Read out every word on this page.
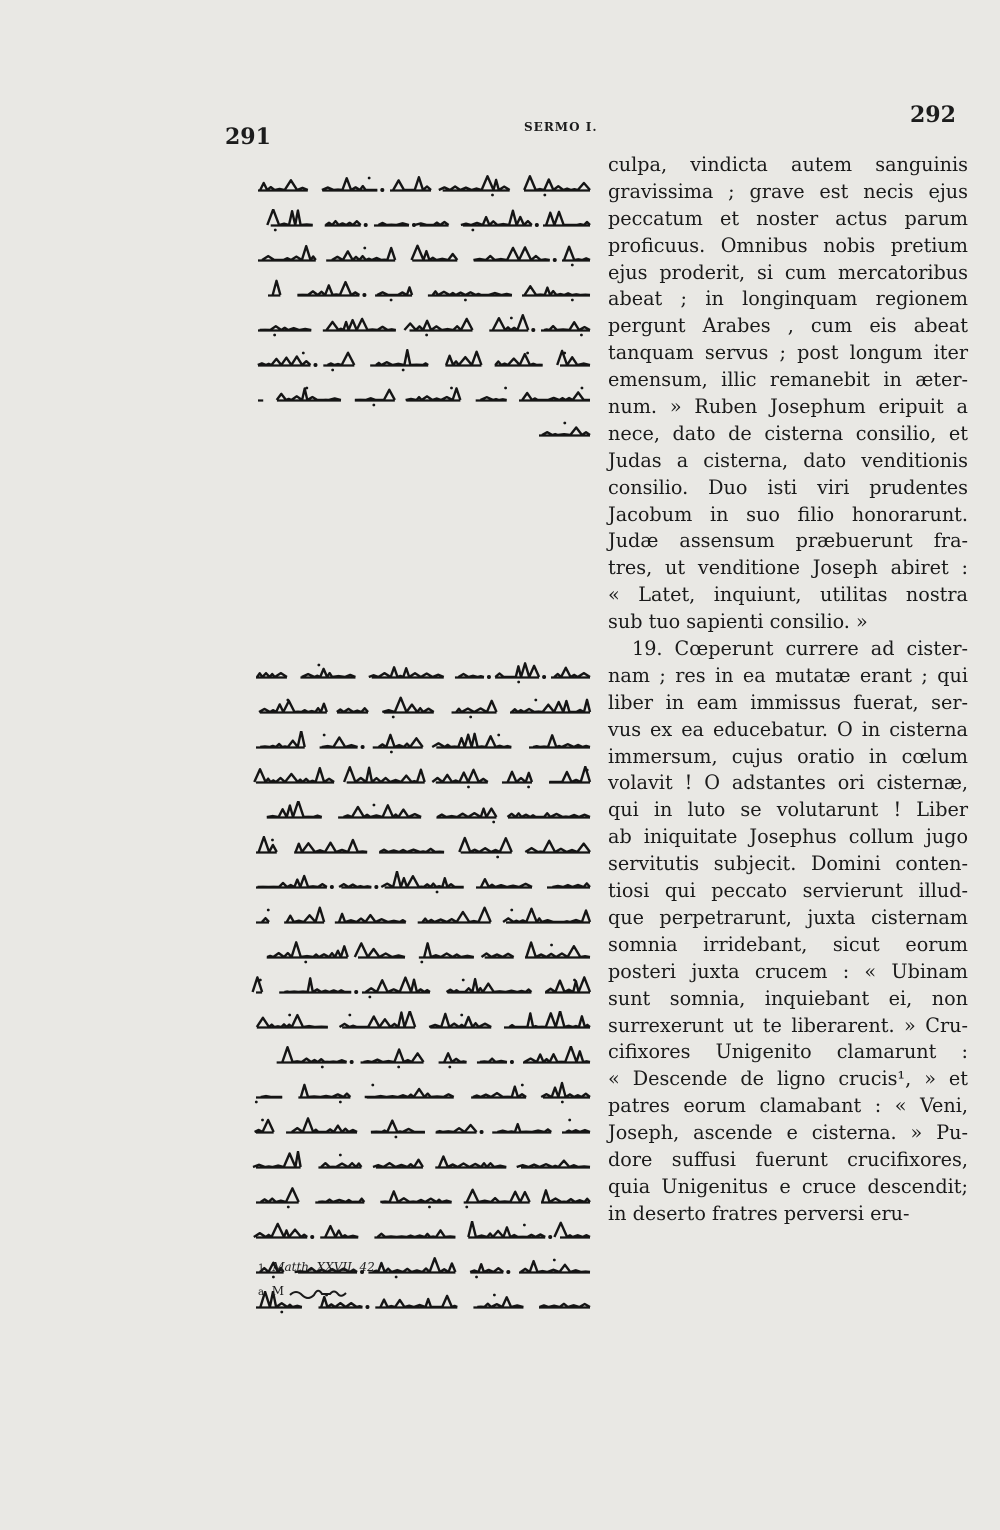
291	SERMO I.	292
culpa, vindicta autem sanguinis
gravissima ; grave est necis ejus
peccatum et noster actus parum
proficuus. Omnibus nobis pretium
ejus proderit, si cum mercatoribus
abeat ; in longinquam regionem
pergunt Arabes , cum eis abeat
tanquam servus ; post longum iter
emensum, illic remanebit in æter-
num. » Ruben Josephum eripuit a
nece, dato de cisterna consilio, et
Judas a cisterna, dato venditionis
consilio. Duo isti viri prudentes
Jacobum in suo filio honorarunt.
Judæ assensum præbuerunt fra-
tres, ut venditione Joseph abiret :
« Latet, inquiunt, utilitas nostra
sub tuo sapienti consilio. »
19. Cœperunt currere ad cister-
nam ; res in ea mutatæ erant ; qui
liber in eam immissus fuerat, ser-
vus ex ea educebatur. O in cisterna
immersum, cujus oratio in cœlum
volavit ! O adstantes ori cisternæ,
qui in luto se volutarunt ! Liber
ab iniquitate Josephus collum jugo
servitutis subjecit. Domini conten-
tiosi qui peccato servierunt illud-
que perpetrarunt, juxta cisternam
somnia irridebant, sicut eorum
posteri juxta crucem : « Ubinam
sunt somnia, inquiebant ei, non
surrexerunt ut te liberarent. » Cru-
cifixores Unigenito clamarunt :
« Descende de ligno crucis¹, » et
patres eorum clamabant : « Veni,
Joseph, ascende e cisterna. » Pu-
dore suffusi fuerunt crucifixores,
quia Unigenitus e cruce descendit;
in deserto fratres perversi eru-
1 Matth. XXVII, 42.
a M
